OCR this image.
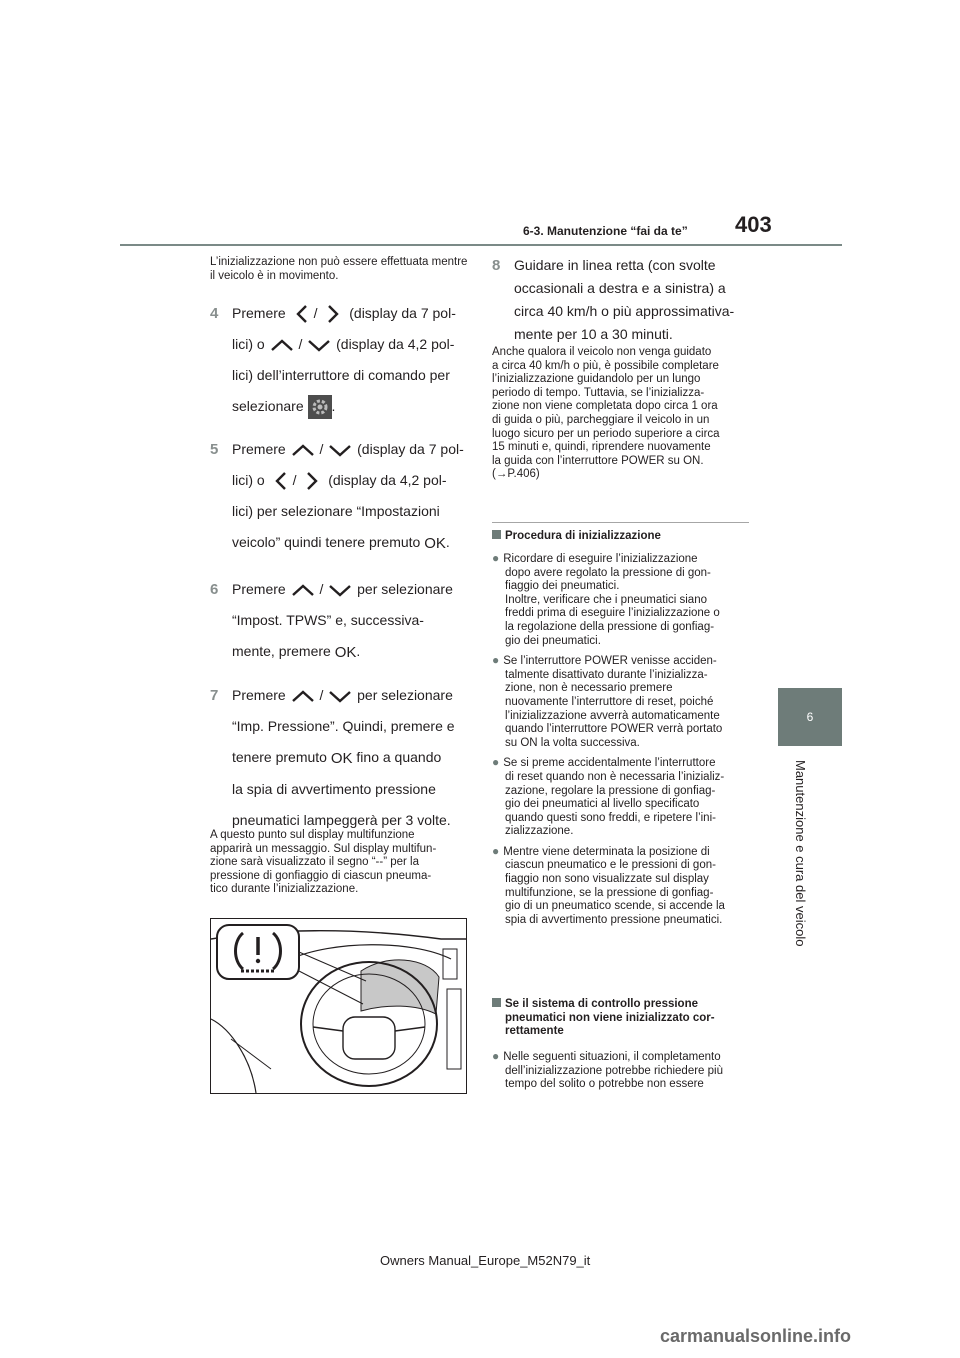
403
6-3. Manutenzione “fai da te”
6
Manutenzione e cura del veicolo

L’inizializzazione non può essere effettuata mentre il veicolo è in movimento.

4 Premere / (display da 7 pol-
lici) o / (display da 4,2 pol-
lici) dell’interruttore di comando per
selezionare .
5 Premere / (display da 7 pol-
lici) o / (display da 4,2 pol-
lici) per selezionare “Impostazioni
veicolo” quindi tenere premuto OK.
6 Premere / per selezionare
“Impost. TPWS” e, successiva-
mente, premere OK.
7 Premere / per selezionare
“Imp. Pressione”. Quindi, premere e
tenere premuto OK fino a quando
la spia di avvertimento pressione
pneumatici lampeggerà per 3 volte.

A questo punto sul display multifunzione

apparirà un messaggio. Sul display multifun-

zione sarà visualizzato il segno “--” per la

pressione di gonfiaggio di ciascun pneuma-

tico durante l’inizializzazione.

8 Guidare in linea retta (con svolte
occasionali a destra e a sinistra) a
circa 40 km/h o più approssimativa-
mente per 10 a 30 minuti.

Anche qualora il veicolo non venga guidato

a circa 40 km/h o più, è possibile completare

l’inizializzazione guidandolo per un lungo

periodo di tempo. Tuttavia, se l’inizializza-

zione non viene completata dopo circa 1 ora

di guida o più, parcheggiare il veicolo in un

luogo sicuro per un periodo superiore a circa

15 minuti e, quindi, riprendere nuovamente

la guida con l’interruttore POWER su ON.

(→P.406)

Procedura di inizializzazione

● Ricordare di eseguire l’inizializzazione

dopo avere regolato la pressione di gon-

fiaggio dei pneumatici.

Inoltre, verificare che i pneumatici siano

freddi prima di eseguire l’inizializzazione o

la regolazione della pressione di gonfiag-

gio dei pneumatici.

● Se l’interruttore POWER venisse acciden-

talmente disattivato durante l’inizializza-

zione, non è necessario premere

nuovamente l’interruttore di reset, poiché

l’inizializzazione avverrà automaticamente

quando l’interruttore POWER verrà portato

su ON la volta successiva.

● Se si preme accidentalmente l’interruttore

di reset quando non è necessaria l’inizializ-

zazione, regolare la pressione di gonfiag-

gio dei pneumatici al livello specificato

quando questi sono freddi, e ripetere l’ini-

zializzazione.

● Mentre viene determinata la posizione di

ciascun pneumatico e le pressioni di gon-

fiaggio non sono visualizzate sul display

multifunzione, se la pressione di gonfiag-

gio di un pneumatico scende, si accende la

spia di avvertimento pressione pneumatici.

Se il sistema di controllo pressione

pneumatici non viene inizializzato cor-

rettamente

● Nelle seguenti situazioni, il completamento

dell’inizializzazione potrebbe richiedere più

tempo del solito o potrebbe non essere

Owners Manual_Europe_M52N79_it
carmanualsonline.info
